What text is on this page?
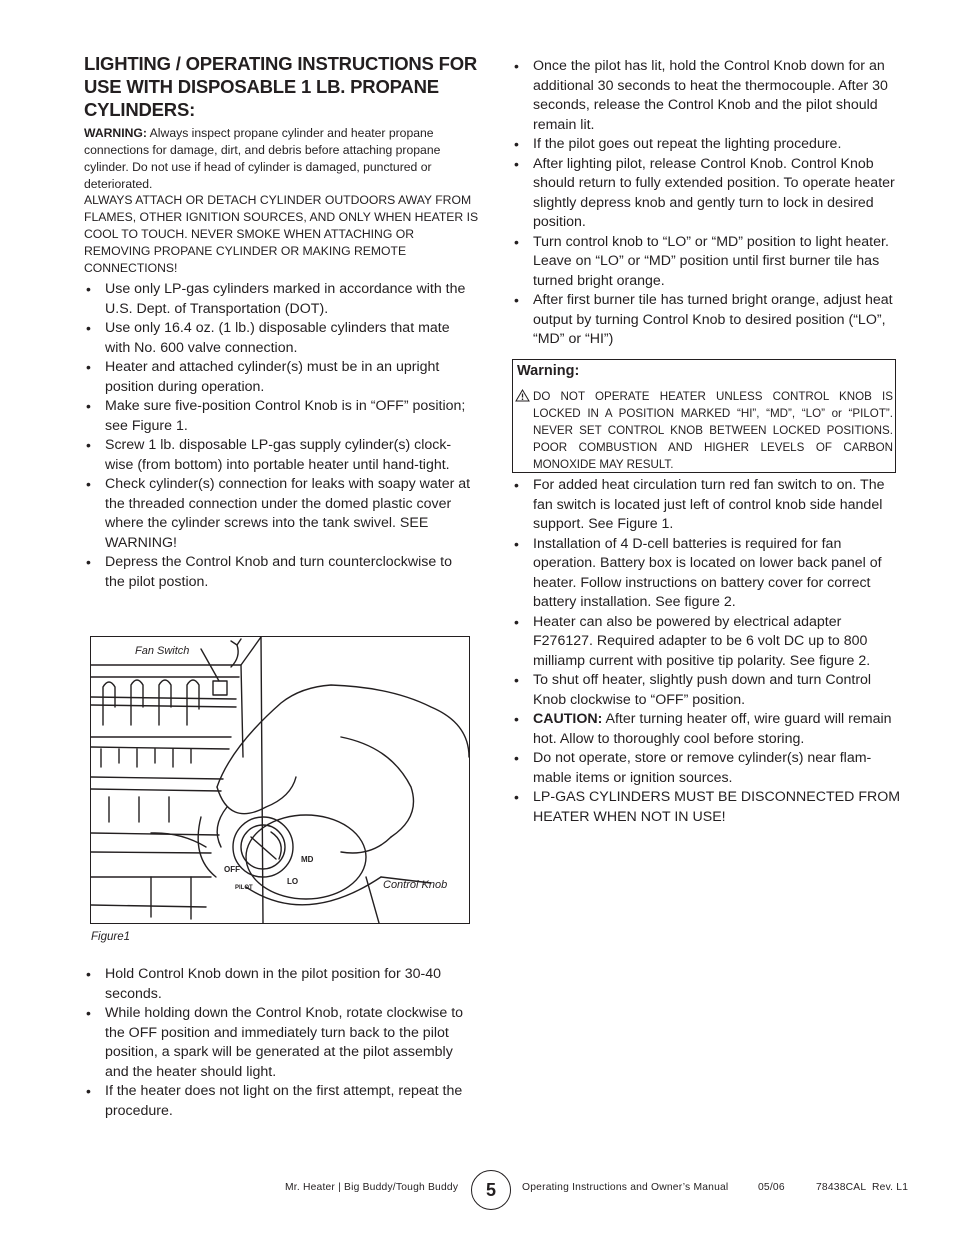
LIGHTING / OPERATING INSTRUCTIONS FOR USE WITH DISPOSABLE 1 LB. PROPANE CYLINDERS:
WARNING: Always inspect propane cylinder and heater propane connections for damage, dirt, and debris before attaching propane cylinder. Do not use if head of cylinder is damaged, punctured or deteriorated.
ALWAYS ATTACH OR DETACH CYLINDER OUTDOORS AWAY FROM FLAMES, OTHER IGNITION SOURCES, AND ONLY WHEN HEATER IS COOL TO TOUCH. NEVER SMOKE WHEN ATTACHING OR REMOVING PROPANE CYLINDER OR MAKING REMOTE CONNECTIONS!
• Use only LP-gas cylinders marked in accordance with the U.S. Dept. of Transportation (DOT).
• Use only 16.4 oz. (1 lb.) disposable cylinders that mate with No. 600 valve connection.
• Heater and attached cylinder(s) must be in an upright position during operation.
• Make sure five-position Control Knob is in “OFF” position; see Figure 1.
• Screw 1 lb. disposable LP-gas supply cylinder(s) clock-wise (from bottom) into portable heater until hand-tight.
• Check cylinder(s) connection for leaks with soapy water at the threaded connection under the domed plastic cover where the cylinder screws into the tank swivel. SEE WARNING!
• Depress the Control Knob and turn counterclockwise to the pilot postion.
Fan Switch
Control Knob
OFF
PILOT
LO
MD
Figure1
• Hold Control Knob down in the pilot position for 30-40 seconds.
• While holding down the Control Knob, rotate clockwise to the OFF position and immediately turn back to the pilot position, a spark will be generated at the pilot assembly and the heater should light.
• If the heater does not light on the first attempt, repeat the procedure.
• Once the pilot has lit, hold the Control Knob down for an additional 30 seconds to heat the thermocouple. After 30 seconds, release the Control Knob and the pilot should remain lit.
• If the pilot goes out repeat the lighting procedure.
• After lighting pilot, release Control Knob. Control Knob should return to fully extended position. To operate heater slightly depress knob and gently turn to lock in desired position.
• Turn control knob to “LO” or “MD” position to light heater. Leave on “LO” or “MD” position until first burner tile has turned bright orange.
• After first burner tile has turned bright orange, adjust heat output by turning Control Knob to desired position (“LO”, “MD” or “HI”)
Warning:
DO NOT OPERATE HEATER UNLESS CONTROL KNOB IS LOCKED IN A POSITION MARKED “HI”, “MD”, “LO” or “PILOT”. NEVER SET CONTROL KNOB BETWEEN LOCKED POSITIONS. POOR COMBUSTION AND HIGHER LEVELS OF CARBON MONOXIDE MAY RESULT.
• For added heat circulation turn red fan switch to on. The fan switch is located just left of control knob side handel support. See Figure 1.
• Installation of 4 D-cell batteries is required for fan operation. Battery box is located on lower back panel of heater. Follow instructions on battery cover for correct battery installation. See figure 2.
• Heater can also be powered by electrical adapter F276127. Required adapter to be 6 volt DC up to 800 milliamp current with positive tip polarity. See figure 2.
• To shut off heater, slightly push down and turn Control Knob clockwise to “OFF” position.
• CAUTION: After turning heater off, wire guard will remain hot. Allow to thoroughly cool before storing.
• Do not operate, store or remove cylinder(s) near flam-mable items or ignition sources.
• LP-GAS CYLINDERS MUST BE DISCONNECTED FROM HEATER WHEN NOT IN USE!
Mr. Heater | Big Buddy/Tough Buddy	5	Operating Instructions and Owner’s Manual	05/06	78438CAL  Rev. L1
